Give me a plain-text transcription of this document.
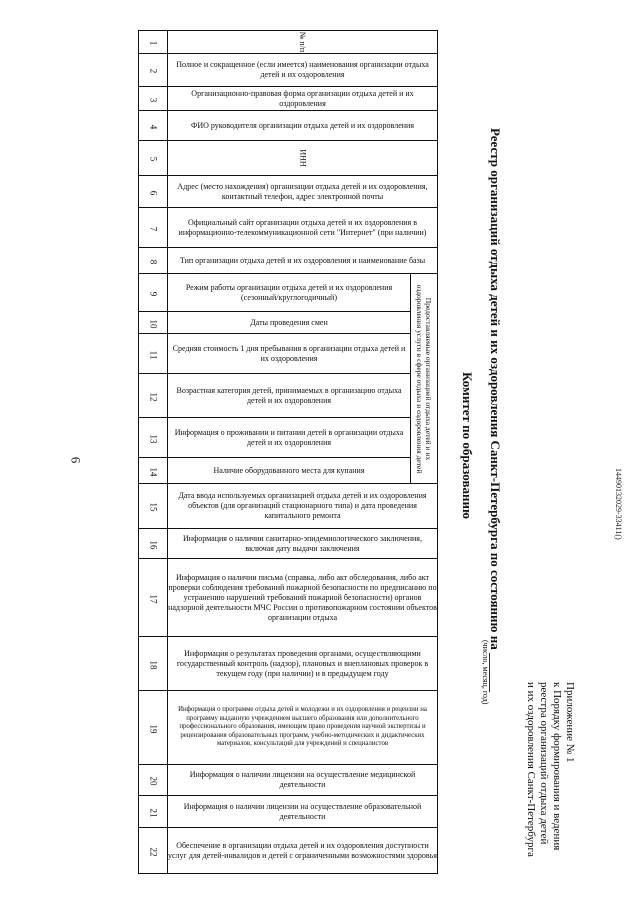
14490132029-33411()
Приложение № 1
к Порядку формирования и ведения
реестра организаций отдыха детей
и их оздоровления Санкт-Петербурга
Реестр организаций отдыха детей и их оздоровления Санкт-Петербурга по состоянию на ______
(число, месяц, год)
Комитет по образованию
6
1	№ п/п	
2	Полное и сокращенное (если имеется) наименования организации отдыха детей и их оздоровления	
3	Организационно-правовая форма организации отдыха детей и их оздоровления	
4	ФИО руководителя организации отдыха детей и их оздоровления	
5	ИНН	
6	Адрес (место нахождения) организации отдыха детей и их оздоровления, контактный телефон, адрес электронной почты	
7	Официальный сайт организации отдыха детей и их оздоровления в информационно-телекоммуникационной сети "Интернет" (при наличии)	
8	Тип организации отдыха детей и их оздоровления и наименование базы	
9	Режим работы организации отдыха детей и их оздоровления (сезонный/круглогодичный)	Предоставляемые организацией отдыха детей и их оздоровления услуги в сфере отдыха и оздоровления детей

10	Даты проведения смен	
11	Средняя стоимость 1 дня пребывания в организации отдыха детей и их оздоровления	
12	Возрастная категория детей, принимаемых в организацию отдыха детей и их оздоровления	
13	Информация о проживании и питании детей в организации отдыха детей и их оздоровления	
14	Наличие оборудованного места для купания	
15	Дата ввода используемых организацией отдыха детей и их оздоровления объектов (для организаций стационарного типа) и дата проведения капитального ремонта	
16	Информация о наличии санитарно-эпидемиологического заключения, включая дату выдачи заключения	
17	Информация о наличии письма (справка, либо акт обследования, либо акт проверки соблюдения требований пожарной безопасности по предписанию по устранению нарушений требований пожарной безопасности) органов надзорной деятельности МЧС России о противопожарном состоянии объектов организации отдыха	
18	Информация о результатах проведения органами, осуществляющими государственный контроль (надзор), плановых и внеплановых проверок в текущем году (при наличии) и в предыдущем году	
19	Информация о программе отдыха детей и молодежи и их оздоровления и рецензии на программу выданную учреждением высшего образования или дополнительного профессионального образования, имеющим право проведения научной экспертизы и рецензирования образовательных программ, учебно-методических и дидактических материалов, консультаций для учреждений и специалистов	
20	Информация о наличии лицензии на осуществление медицинской деятельности	
21	Информация о наличии лицензии на осуществление образовательной деятельности	
22	Обеспечение в организации отдыха детей и их оздоровления доступности услуг для детей-инвалидов и детей с ограниченными возможностями здоровья	
